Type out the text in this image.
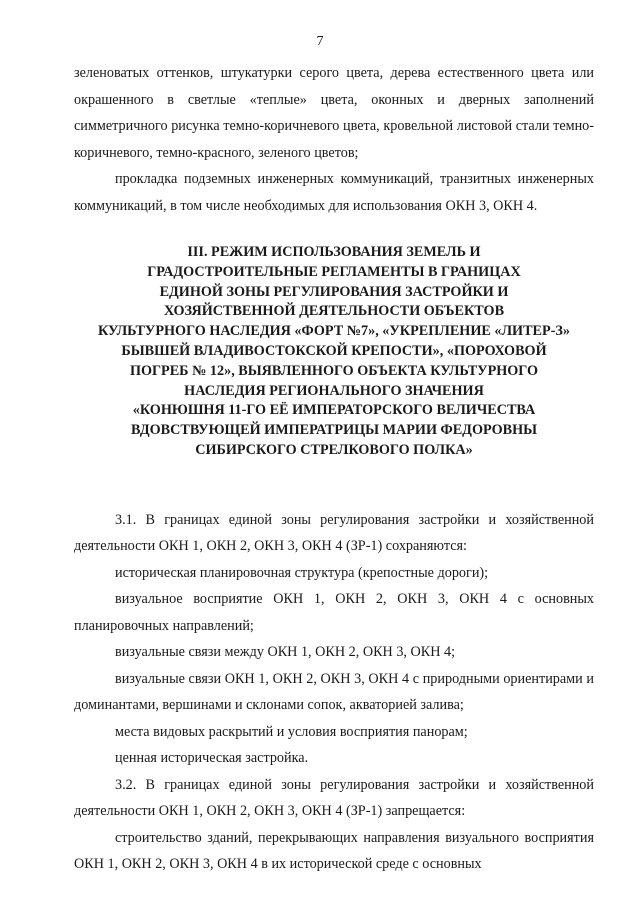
7

зеленоватых оттенков, штукатурки серого цвета, дерева естественного цвета или окрашенного в светлые «теплые» цвета, оконных и дверных заполнений симметричного рисунка темно-коричневого цвета, кровельной листовой стали темно-коричневого, темно-красного, зеленого цветов;

прокладка подземных инженерных коммуникаций, транзитных инженерных коммуникаций, в том числе необходимых для использования ОКН 3, ОКН 4.

III. РЕЖИМ ИСПОЛЬЗОВАНИЯ ЗЕМЕЛЬ И
ГРАДОСТРОИТЕЛЬНЫЕ РЕГЛАМЕНТЫ В ГРАНИЦАХ
ЕДИНОЙ ЗОНЫ РЕГУЛИРОВАНИЯ ЗАСТРОЙКИ И
ХОЗЯЙСТВЕННОЙ ДЕЯТЕЛЬНОСТИ ОБЪЕКТОВ
КУЛЬТУРНОГО НАСЛЕДИЯ «ФОРТ №7», «УКРЕПЛЕНИЕ «ЛИТЕР-З»
БЫВШЕЙ ВЛАДИВОСТОКСКОЙ КРЕПОСТИ», «ПОРОХОВОЙ
ПОГРЕБ № 12», ВЫЯВЛЕННОГО ОБЪЕКТА КУЛЬТУРНОГО
НАСЛЕДИЯ РЕГИОНАЛЬНОГО ЗНАЧЕНИЯ
«КОНЮШНЯ 11-ГО ЕЁ ИМПЕРАТОРСКОГО ВЕЛИЧЕСТВА
ВДОВСТВУЮЩЕЙ ИМПЕРАТРИЦЫ МАРИИ ФЕДОРОВНЫ
СИБИРСКОГО СТРЕЛКОВОГО ПОЛКА»

3.1. В границах единой зоны регулирования застройки и хозяйственной деятельности ОКН 1, ОКН 2, ОКН 3, ОКН 4 (ЗР-1) сохраняются:

историческая планировочная структура (крепостные дороги);

визуальное восприятие ОКН 1, ОКН 2, ОКН 3, ОКН 4 с основных планировочных направлений;

визуальные связи между ОКН 1, ОКН 2, ОКН 3, ОКН 4;

визуальные связи ОКН 1, ОКН 2, ОКН 3, ОКН 4 с природными ориентирами и доминантами, вершинами и склонами сопок, акваторией залива;

места видовых раскрытий и условия восприятия панорам;

ценная историческая застройка.

3.2. В границах единой зоны регулирования застройки и хозяйственной деятельности ОКН 1, ОКН 2, ОКН 3, ОКН 4 (ЗР-1) запрещается:

строительство зданий, перекрывающих направления визуального восприятия ОКН 1, ОКН 2, ОКН 3, ОКН 4 в их исторической среде с основных
